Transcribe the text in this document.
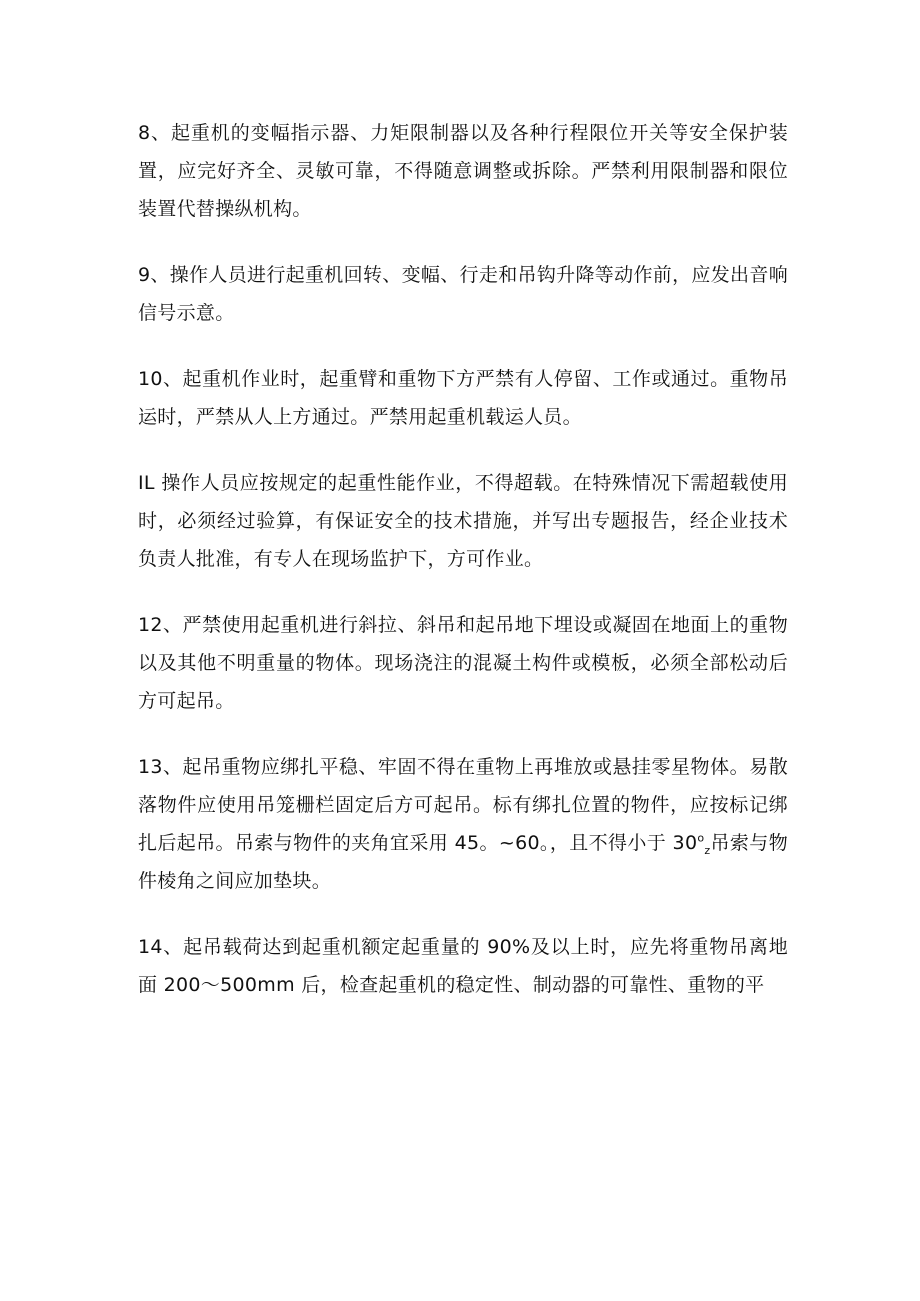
8、起重机的变幅指示器、力矩限制器以及各种行程限位开关等安全保护装置，应完好齐全、灵敏可靠，不得随意调整或拆除。严禁利用限制器和限位装置代替操纵机构。

9、操作人员进行起重机回转、变幅、行走和吊钩升降等动作前，应发出音响信号示意。

10、起重机作业时，起重臂和重物下方严禁有人停留、工作或通过。重物吊运时，严禁从人上方通过。严禁用起重机载运人员。

IL 操作人员应按规定的起重性能作业，不得超载。在特殊情况下需超载使用时，必须经过验算，有保证安全的技术措施，并写出专题报告，经企业技术负责人批准，有专人在现场监护下，方可作业。

12、严禁使用起重机进行斜拉、斜吊和起吊地下埋设或凝固在地面上的重物以及其他不明重量的物体。现场浇注的混凝土构件或模板，必须全部松动后方可起吊。

13、起吊重物应绑扎平稳、牢固不得在重物上再堆放或悬挂零星物体。易散落物件应使用吊笼栅栏固定后方可起吊。标有绑扎位置的物件，应按标记绑扎后起吊。吊索与物件的夹角宜采用 45。~60。，且不得小于 $30^o_z$吊索与物件棱角之间应加垫块。

14、起吊载荷达到起重机额定起重量的 90%及以上时，应先将重物吊离地面 200～500mm 后，检查起重机的稳定性、制动器的可靠性、重物的平
